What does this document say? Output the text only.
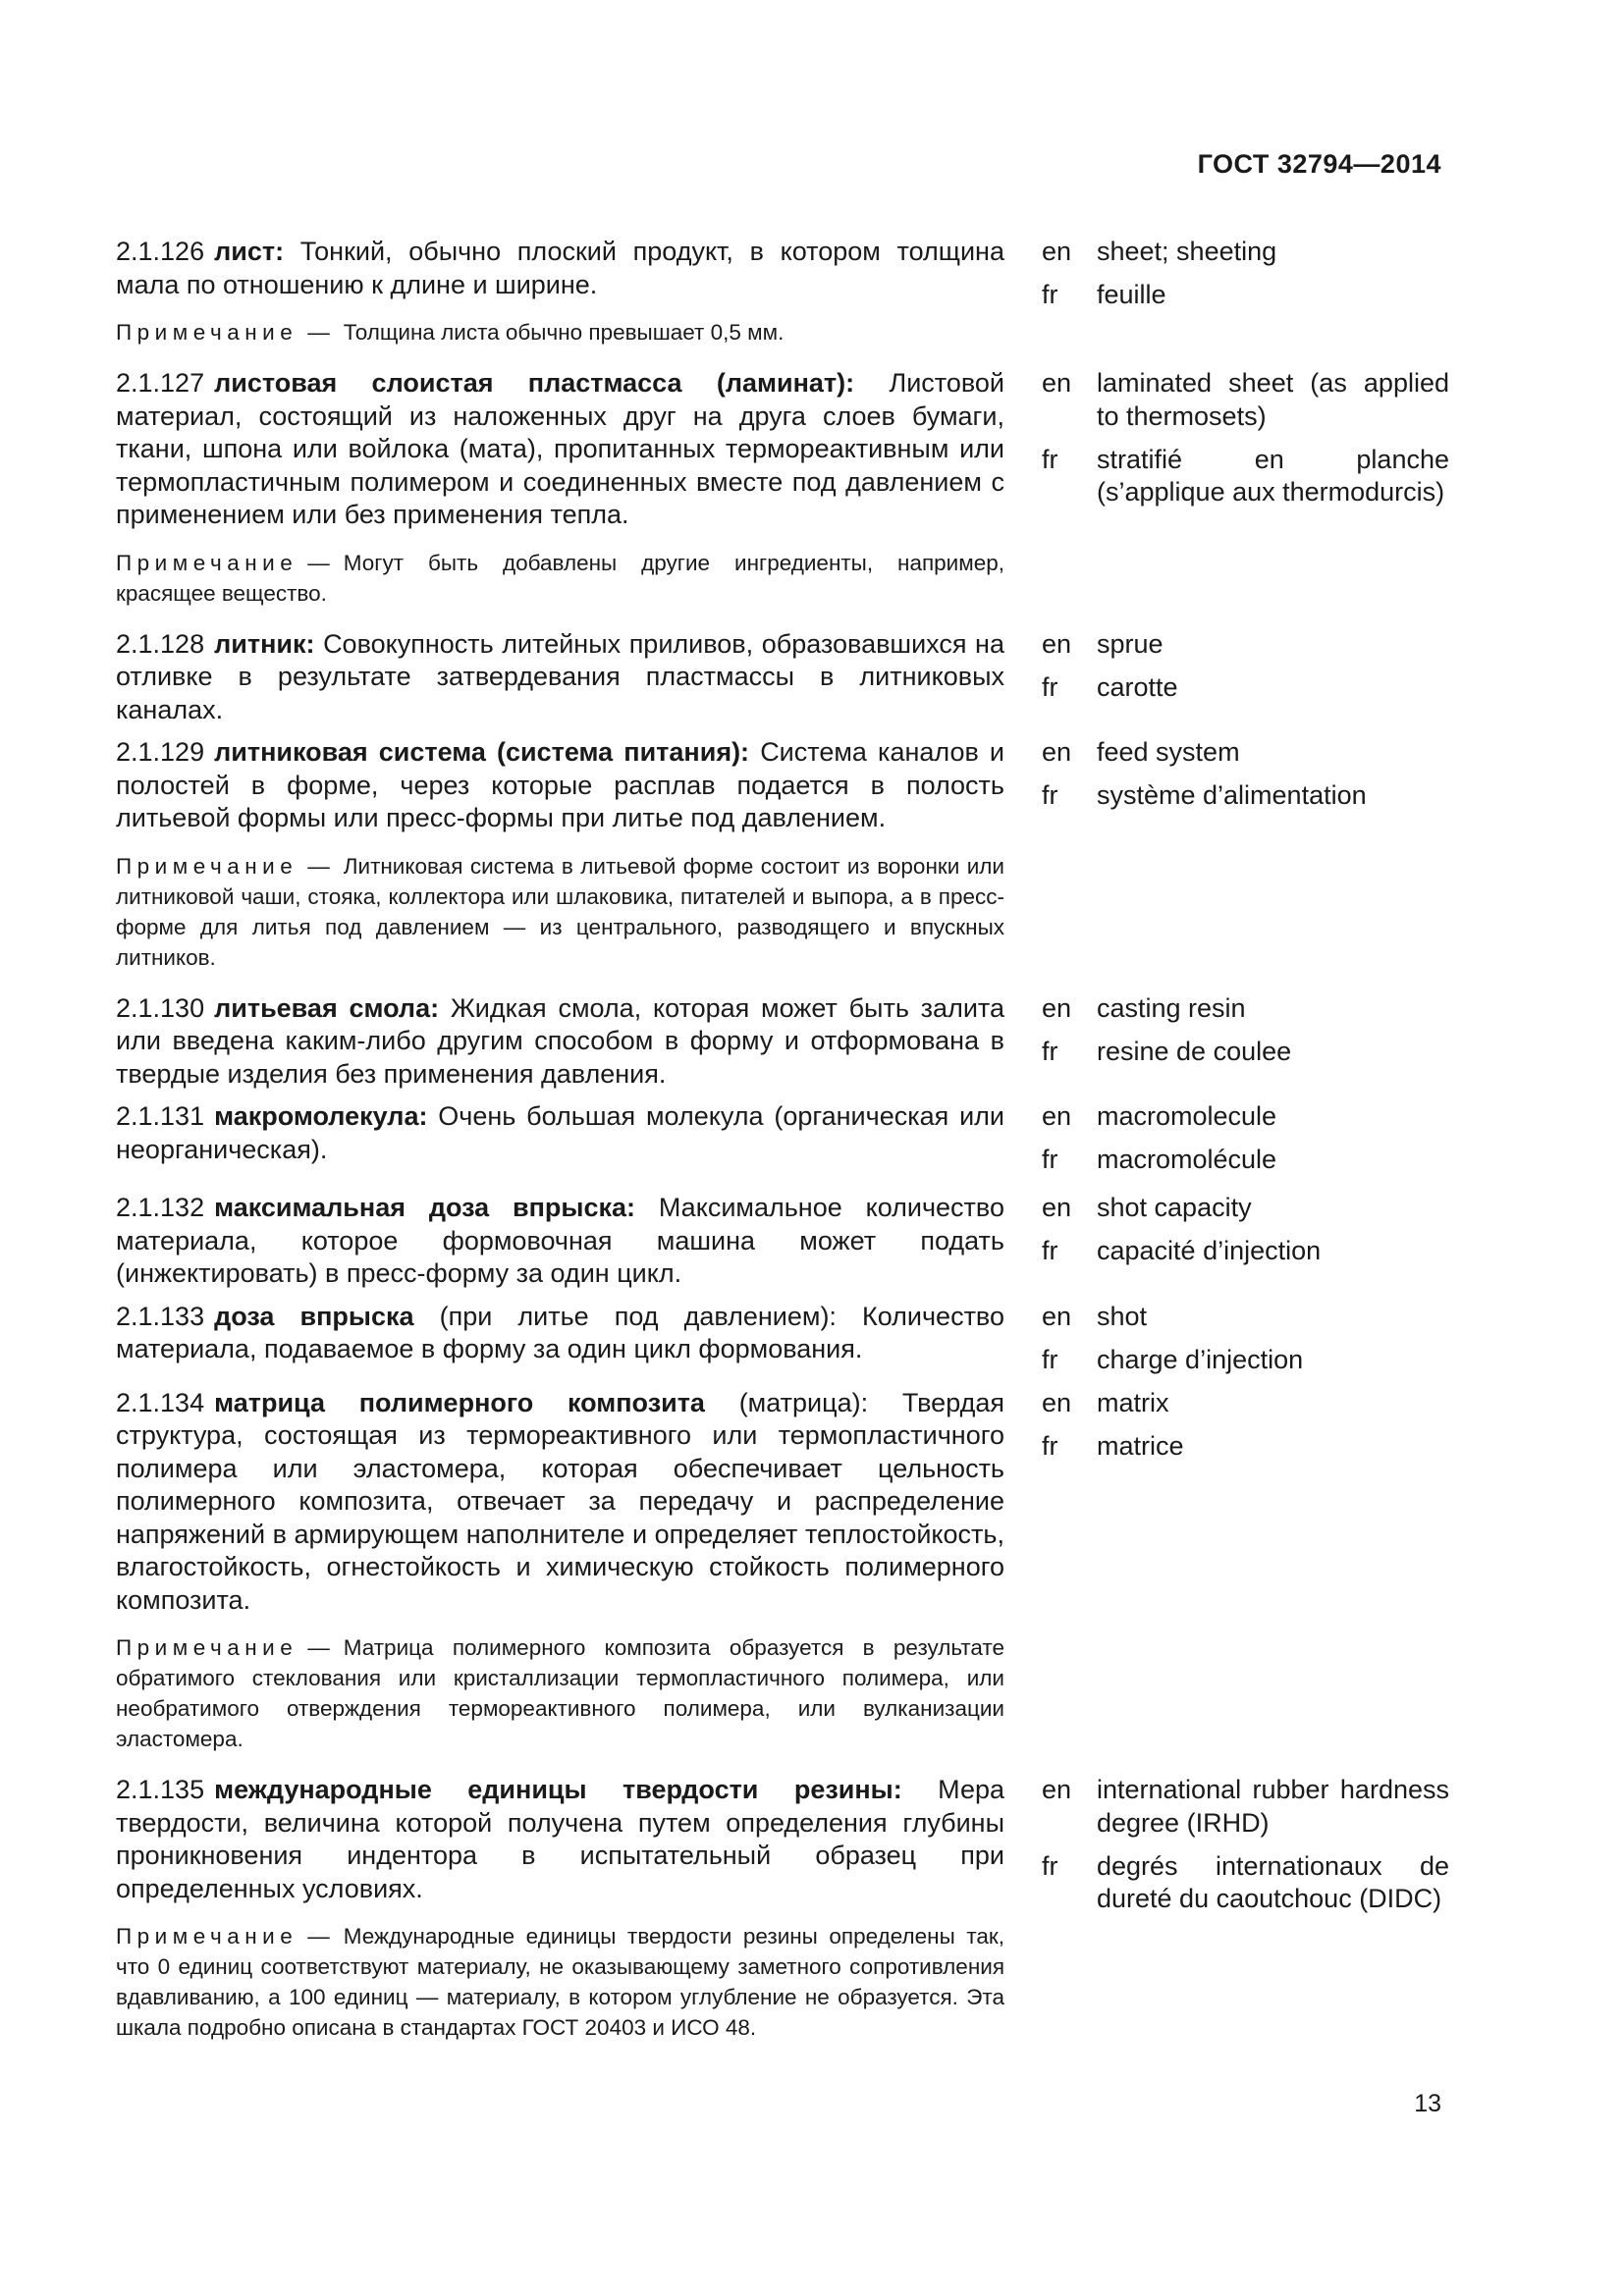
ГОСТ 32794—2014

2.1.126 лист: Тонкий, обычно плоский продукт, в котором толщина мала по отношению к длине и ширине.

Примечание — Толщина листа обычно превышает 0,5 мм.

en sheet; sheeting
fr	feuille

2.1.127 листовая слоистая пластмасса (ламинат): Листовой материал, состоящий из наложенных друг на друга слоев бумаги, ткани, шпона или войлока (мата), пропитанных термореактивным или термопластичным полимером и соединенных вместе под давлением с применением или без применения тепла.

Примечание — Могут быть добавлены другие ингредиенты, например, красящее вещество.

en laminated sheet (as applied to thermosets)
fr	stratifié en planche (s’applique aux thermodurcis)

2.1.128 литник: Совокупность литейных приливов, образовавшихся на отливке в результате затвердевания пластмассы в литниковых каналах.

en sprue
fr	carotte

2.1.129 литниковая система (система питания): Система каналов и полостей в форме, через которые расплав подается в полость литьевой формы или пресс-формы при литье под давлением.

Примечание — Литниковая система в литьевой форме состоит из воронки или литниковой чаши, стояка, коллектора или шлаковика, питателей и выпора, а в пресс-форме для литья под давлением — из центрального, разводящего и впускных литников.

en feed system
fr	système d’alimentation

2.1.130 литьевая смола: Жидкая смола, которая может быть залита или введена каким-либо другим способом в форму и отформована в твердые изделия без применения давления.

en casting resin
fr	resine de coulee

2.1.131 макромолекула: Очень большая молекула (органическая или неорганическая).

en macromolecule
fr	macromolécule

2.1.132 максимальная доза впрыска: Максимальное количество материала, которое формовочная машина может подать (инжектировать) в пресс-форму за один цикл.

en shot capacity
fr	capacité d’injection

2.1.133 доза впрыска (при литье под давлением): Количество материала, подаваемое в форму за один цикл формования.

en shot
fr	charge d’injection

2.1.134 матрица полимерного композита (матрица): Твердая структура, состоящая из термореактивного или термопластичного полимера или эластомера, которая обеспечивает цельность полимерного композита, отвечает за передачу и распределение напряжений в армирующем наполнителе и определяет теплостойкость, влагостойкость, огнестойкость и химическую стойкость полимерного композита.

Примечание — Матрица полимерного композита образуется в результате обратимого стеклования или кристаллизации термопластичного полимера, или необратимого отверждения термореактивного полимера, или вулканизации эластомера.

en matrix
fr	matrice

2.1.135 международные единицы твердости резины: Мера твердости, величина которой получена путем определения глубины проникновения индентора в испытательный образец при определенных условиях.

Примечание — Международные единицы твердости резины определены так, что 0 единиц соответствуют материалу, не оказывающему заметного сопротивления вдавливанию, а 100 единиц — материалу, в котором углубление не образуется. Эта шкала подробно описана в стандартах ГОСТ 20403 и ИСО 48.

en international rubber hardness degree (IRHD)
fr	degrés internationaux de dureté du caoutchouc (DIDC)
13
